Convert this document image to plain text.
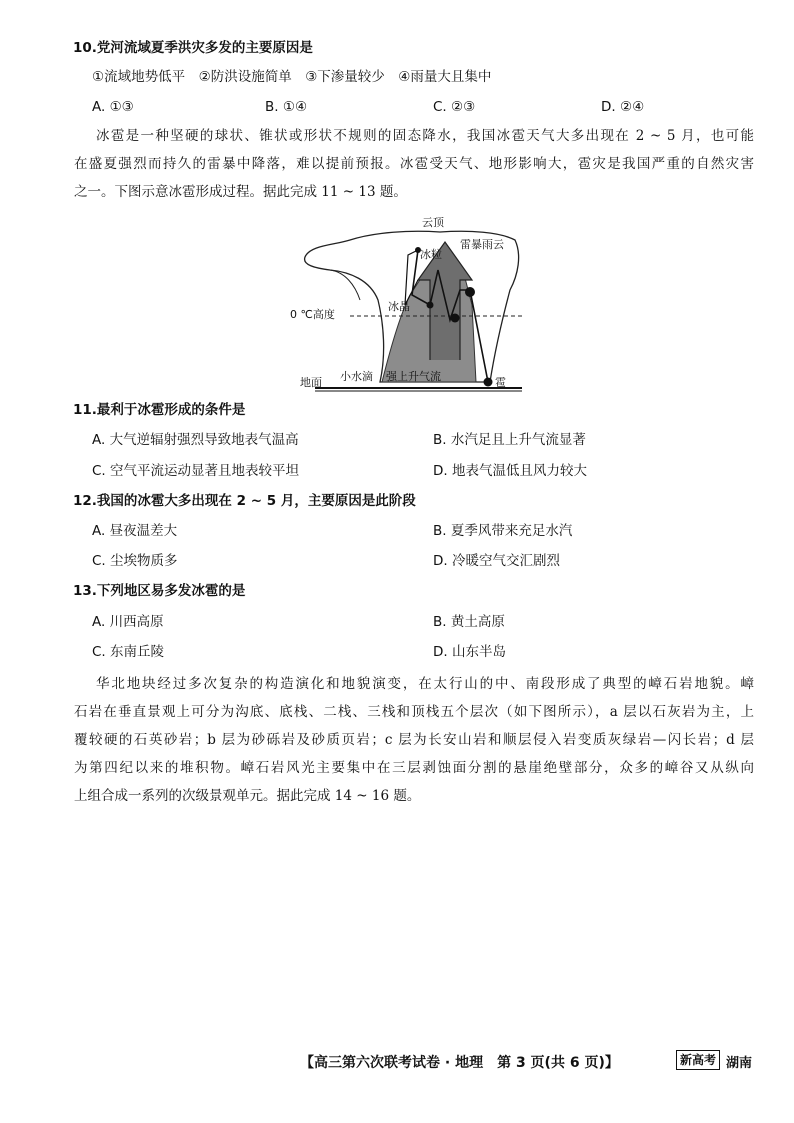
10.党河流域夏季洪灾多发的主要原因是
①流域地势低平　②防洪设施简单　③下渗量较少　④雨量大且集中
A. ①③	B. ①④	C. ②③	D. ②④
冰雹是一种坚硬的球状、锥状或形状不规则的固态降水，我国冰雹天气大多出现在 2 ~ 5 月，也可能
在盛夏强烈而持久的雷暴中降落，难以提前预报。冰雹受天气、地形影响大，雹灾是我国严重的自然灾害
之一。下图示意冰雹形成过程。据此完成 11 ~ 13 题。
云顶
雷暴雨云
冰粒
0 ℃高度
冰晶
地面 小水滴 强上升气流	雹
11.最利于冰雹形成的条件是
A. 大气逆辐射强烈导致地表气温高	B. 水汽足且上升气流显著
C. 空气平流运动显著且地表较平坦	D. 地表气温低且风力较大
12.我国的冰雹大多出现在 2 ~ 5 月，主要原因是此阶段
A. 昼夜温差大	B. 夏季风带来充足水汽
C. 尘埃物质多	D. 冷暖空气交汇剧烈
13.下列地区易多发冰雹的是
A. 川西高原	B. 黄土高原
C. 东南丘陵	D. 山东半岛
华北地块经过多次复杂的构造演化和地貌演变，在太行山的中、南段形成了典型的嶂石岩地貌。嶂
石岩在垂直景观上可分为沟底、底栈、二栈、三栈和顶栈五个层次（如下图所示），a 层以石灰岩为主，上
覆较硬的石英砂岩；b 层为砂砾岩及砂质页岩；c 层为长安山岩和顺层侵入岩变质灰绿岩—闪长岩；d 层
为第四纪以来的堆积物。嶂石岩风光主要集中在三层剥蚀面分割的悬崖绝壁部分，众多的嶂谷又从纵向
上组合成一系列的次级景观单元。据此完成 14 ~ 16 题。
【高三第六次联考试卷 · 地理　第 3 页(共 6 页)】	新高考 湖南
